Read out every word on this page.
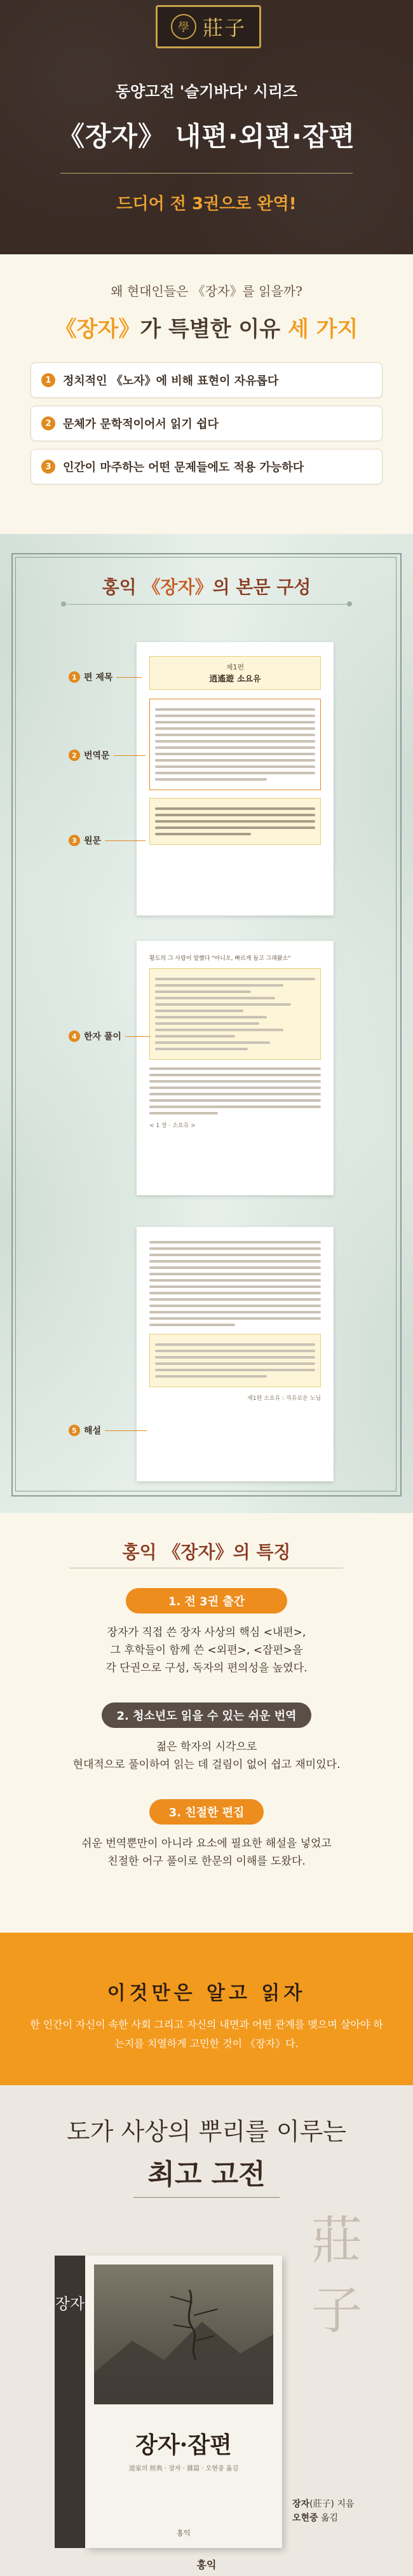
學 莊子
동양고전 '슬기바다' 시리즈
《장자》 내편·외편·잡편
드디어 전 3권으로 완역!
왜 현대인들은 《장자》를 읽을까?
《장자》가 특별한 이유 세 가지
1	정치적인 《노자》에 비해 표현이 자유롭다
2	문체가 문학적이어서 읽기 쉽다
3	인간이 마주하는 어떤 문제들에도 적용 가능하다
홍익 《장자》의 본문 구성
제1편
逍遙遊 소요유
1 편 제목
2 번역문
3 원문
황도의 그 사람이 말했다 "아니오, 빠르게 돕고 그래왔소"
< 1 장 · 소요유 >
4 한자 풀이
제1편 소요유 : 자유로운 노님
5 해설
홍익 《장자》의 특징
1. 전 3권 출간
장자가 직접 쓴 장자 사상의 핵심 <내편>,
그 후학들이 함께 쓴 <외편>, <잡편>을
각 단권으로 구성, 독자의 편의성을 높였다.
2. 청소년도 읽을 수 있는 쉬운 번역
젊은 학자의 시각으로
현대적으로 풀이하여 읽는 데 걸림이 없어 쉽고 재미있다.
3. 친절한 편집
쉬운 번역뿐만이 아니라 요소에 필요한 해설을 넣었고
친절한 어구 풀이로 한문의 이해를 도왔다.
이것만은 알고 읽자
한 인간이 자신이 속한 사회 그리고 자신의 내면과 어떤 관계를 맺으며 살아야 하는지를 치열하게 고민한 것이 《장자》다.
도가 사상의 뿌리를 이루는
최고 고전
莊子
장자
장자·잡편
道家의 經典 · 장자 · 雜篇 · 오현중 옮김
홍익
장자(莊子) 지음
오현중 옮김
홍익
